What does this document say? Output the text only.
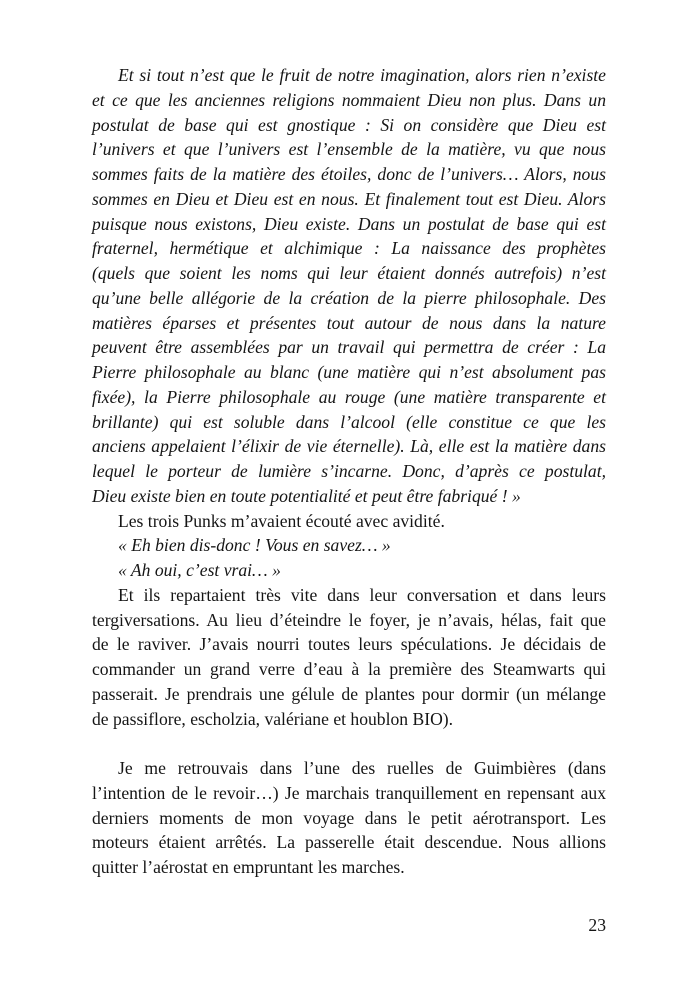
Et si tout n’est que le fruit de notre imagination, alors rien n’existe
et ce que les anciennes religions nommaient Dieu non plus. Dans un
postulat de base qui est gnostique : Si on considère que Dieu est
l’univers et que l’univers est l’ensemble de la matière, vu que nous
sommes faits de la matière des étoiles, donc de l’univers… Alors, nous
sommes en Dieu et Dieu est en nous. Et finalement tout est Dieu. Alors
puisque nous existons, Dieu existe. Dans un postulat de base qui est
fraternel, hermétique et alchimique : La naissance des prophètes
(quels que soient les noms qui leur étaient donnés autrefois) n’est
qu’une belle allégorie de la création de la pierre philosophale. Des
matières éparses et présentes tout autour de nous dans la nature
peuvent être assemblées par un travail qui permettra de créer : La
Pierre philosophale au blanc (une matière qui n’est absolument pas
fixée), la Pierre philosophale au rouge (une matière transparente et
brillante) qui est soluble dans l’alcool (elle constitue ce que les
anciens appelaient l’élixir de vie éternelle). Là, elle est la matière dans
lequel le porteur de lumière s’incarne. Donc, d’après ce postulat,
Dieu existe bien en toute potentialité et peut être fabriqué ! »
Les trois Punks m’avaient écouté avec avidité.
« Eh bien dis-donc ! Vous en savez… »
« Ah oui, c’est vrai… »
Et ils repartaient très vite dans leur conversation et dans leurs
tergiversations. Au lieu d’éteindre le foyer, je n’avais, hélas, fait que
de le raviver. J’avais nourri toutes leurs spéculations. Je décidais de
commander un grand verre d’eau à la première des Steamwarts qui
passerait. Je prendrais une gélule de plantes pour dormir (un mélange
de passiflore, escholzia, valériane et houblon BIO).
Je me retrouvais dans l’une des ruelles de Guimbières (dans
l’intention de le revoir…) Je marchais tranquillement en repensant aux
derniers moments de mon voyage dans le petit aérotransport. Les
moteurs étaient arrêtés. La passerelle était descendue. Nous allions
quitter l’aérostat en empruntant les marches.
23
